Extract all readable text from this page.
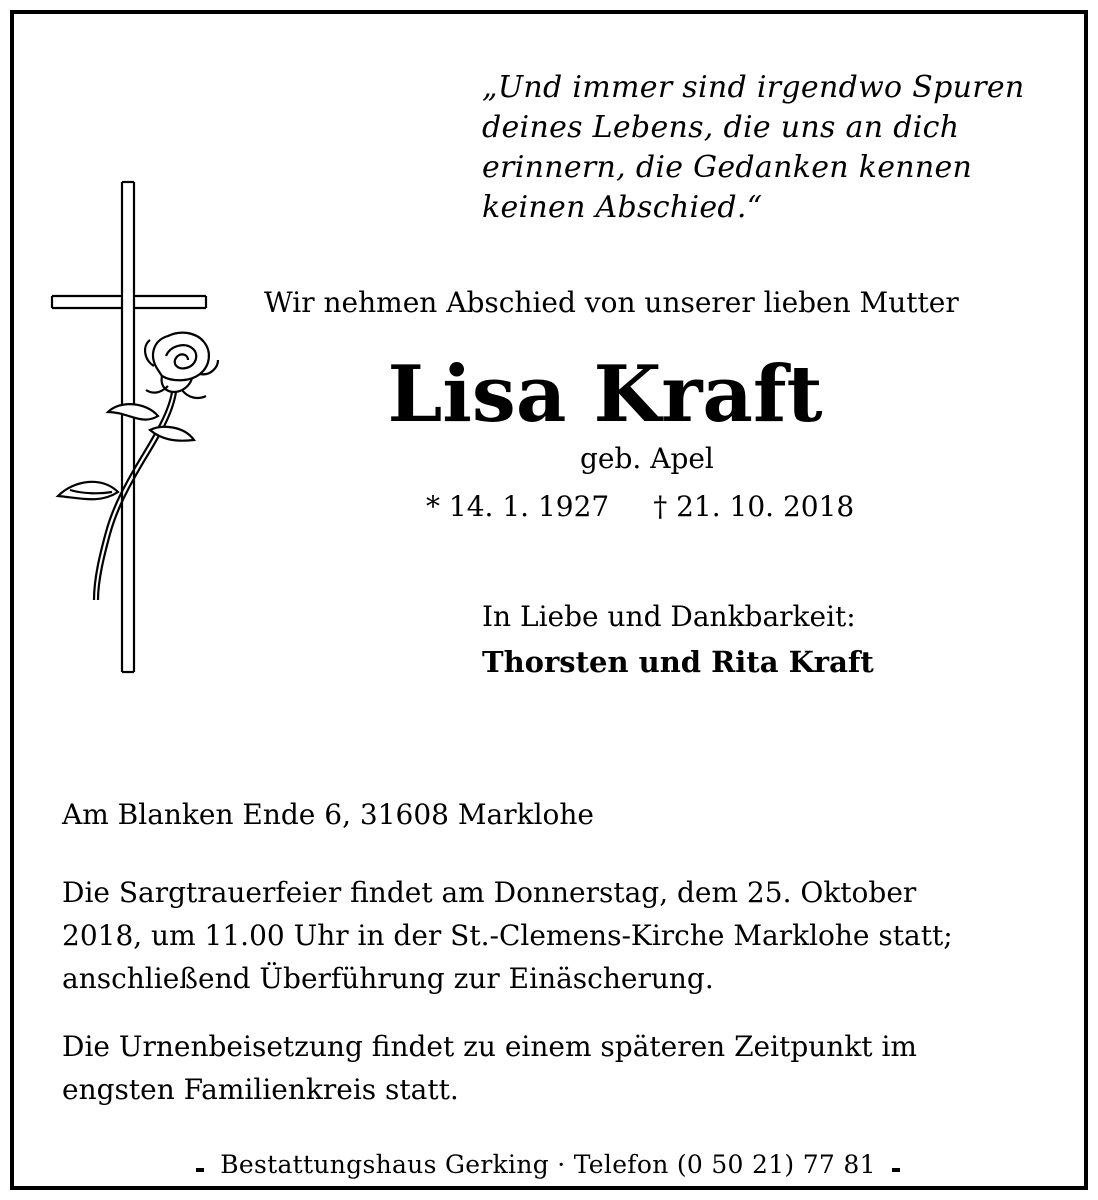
„Und immer sind irgendwo Spuren
deines Lebens, die uns an dich
erinnern, die Gedanken kennen
keinen Abschied.“

Wir nehmen Abschied von unserer lieben Mutter

Lisa Kraft

geb. Apel

* 14. 1. 1927 † 21. 10. 2018

In Liebe und Dankbarkeit:

Thorsten und Rita Kraft

Am Blanken Ende 6, 31608 Marklohe

Die Sargtrauerfeier findet am Donnerstag, dem 25. Oktober
2018, um 11.00 Uhr in der St.-Clemens-Kirche Marklohe statt;
anschließend Überführung zur Einäscherung.

Die Urnenbeisetzung findet zu einem späteren Zeitpunkt im
engsten Familienkreis statt.

Bestattungshaus Gerking · Telefon (0 50 21) 77 81
